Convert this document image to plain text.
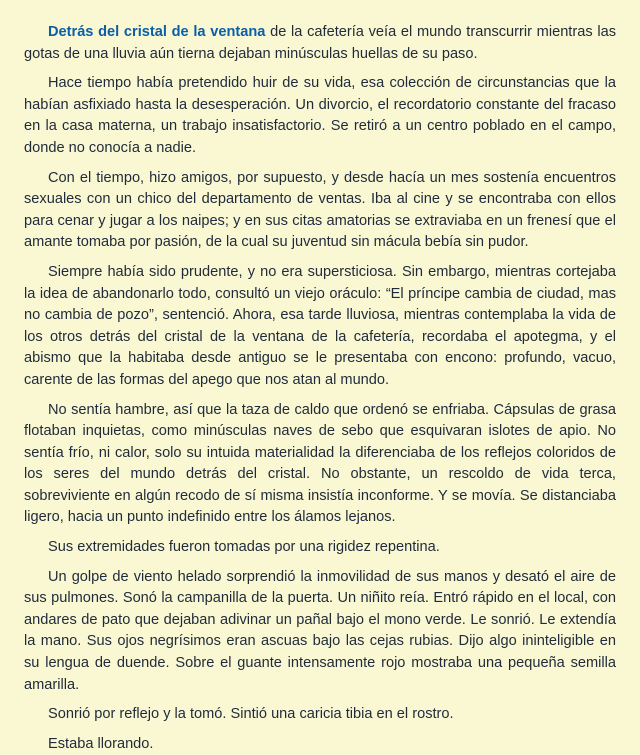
Detrás del cristal de la ventana de la cafetería veía el mundo transcurrir mientras las gotas de una lluvia aún tierna dejaban minúsculas huellas de su paso.

Hace tiempo había pretendido huir de su vida, esa colección de circunstancias que la habían asfixiado hasta la desesperación. Un divorcio, el recordatorio constante del fracaso en la casa materna, un trabajo insatisfactorio. Se retiró a un centro poblado en el campo, donde no conocía a nadie.

Con el tiempo, hizo amigos, por supuesto, y desde hacía un mes sostenía encuentros sexuales con un chico del departamento de ventas. Iba al cine y se encontraba con ellos para cenar y jugar a los naipes; y en sus citas amatorias se extraviaba en un frenesí que el amante tomaba por pasión, de la cual su juventud sin mácula bebía sin pudor.

Siempre había sido prudente, y no era supersticiosa. Sin embargo, mientras cortejaba la idea de abandonarlo todo, consultó un viejo oráculo: “El príncipe cambia de ciudad, mas no cambia de pozo”, sentenció. Ahora, esa tarde lluviosa, mientras contemplaba la vida de los otros detrás del cristal de la ventana de la cafetería, recordaba el apotegma, y el abismo que la habitaba desde antiguo se le presentaba con encono: profundo, vacuo, carente de las formas del apego que nos atan al mundo.

No sentía hambre, así que la taza de caldo que ordenó se enfriaba. Cápsulas de grasa flotaban inquietas, como minúsculas naves de sebo que esquivaran islotes de apio. No sentía frío, ni calor, solo su intuida materialidad la diferenciaba de los reflejos coloridos de los seres del mundo detrás del cristal. No obstante, un rescoldo de vida terca, sobreviviente en algún recodo de sí misma insistía inconforme. Y se movía. Se distanciaba ligero, hacia un punto indefinido entre los álamos lejanos.

Sus extremidades fueron tomadas por una rigidez repentina.

Un golpe de viento helado sorprendió la inmovilidad de sus manos y desató el aire de sus pulmones. Sonó la campanilla de la puerta. Un niñito reía. Entró rápido en el local, con andares de pato que dejaban adivinar un pañal bajo el mono verde. Le sonrió. Le extendía la mano. Sus ojos negrísimos eran ascuas bajo las cejas rubias. Dijo algo ininteligible en su lengua de duende. Sobre el guante intensamente rojo mostraba una pequeña semilla amarilla.

Sonrió por reflejo y la tomó. Sintió una caricia tibia en el rostro.

Estaba llorando.
